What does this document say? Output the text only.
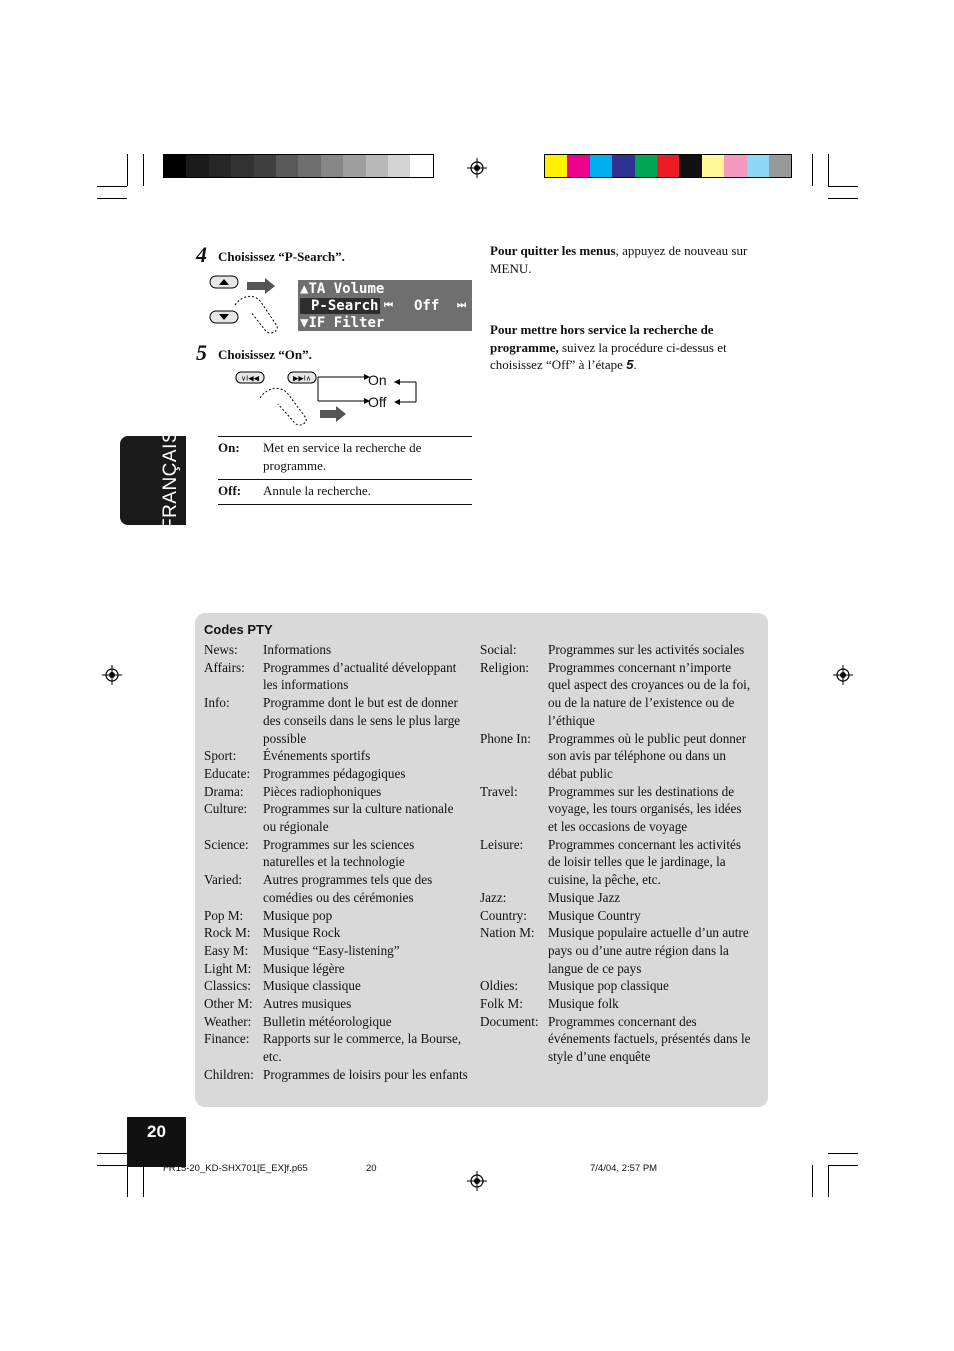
4 Choisissez “P-Search”.
▲TA Volume
P-Search ⏮ Off ⏭
▼IF Filter
5 Choisissez “On”.
∨I◀◀	▶▶I∧	On
Off
On:	Met en service la recherche de programme.
Off:	Annule la recherche.
FRANÇAIS
Pour quitter les menus, appuyez de nouveau sur MENU.
Pour mettre hors service la recherche de programme, suivez la procédure ci-dessus et choisissez “Off” à l’étape 5.
Codes PTY
News:	Informations
Affairs:	Programmes d’actualité développant les informations
Info:	Programme dont le but est de donner des conseils dans le sens le plus large possible
Sport:	Événements sportifs
Educate: Programmes pédagogiques
Drama:	Pièces radiophoniques
Culture:	Programmes sur la culture nationale ou régionale
Science:	Programmes sur les sciences naturelles et la technologie
Varied:	Autres programmes tels que des comédies ou des cérémonies
Pop M:	Musique pop
Rock M: Musique Rock
Easy M:	Musique “Easy-listening”
Light M: Musique légère
Classics: Musique classique
Other M: Autres musiques
Weather: Bulletin météorologique
Finance:	Rapports sur le commerce, la Bourse, etc.
Children: Programmes de loisirs pour les enfants
Social:	Programmes sur les activités sociales
Religion:	Programmes concernant n’importe quel aspect des croyances ou de la foi, ou de la nature de l’existence ou de l’éthique
Phone In:	Programmes où le public peut donner son avis par téléphone ou dans un débat public
Travel:	Programmes sur les destinations de voyage, les tours organisés, les idées et les occasions de voyage
Leisure:	Programmes concernant les activités de loisir telles que le jardinage, la cuisine, la pêche, etc.
Jazz:	Musique Jazz
Country:	Musique Country
Nation M:	Musique populaire actuelle d’un autre pays ou d’une autre région dans la langue de ce pays
Oldies:	Musique pop classique
Folk M:	Musique folk
Document: Programmes concernant des événements factuels, présentés dans le style d’une enquête
20
FR15-20_KD-SHX701[E_EX]f.p65	20	7/4/04, 2:57 PM
